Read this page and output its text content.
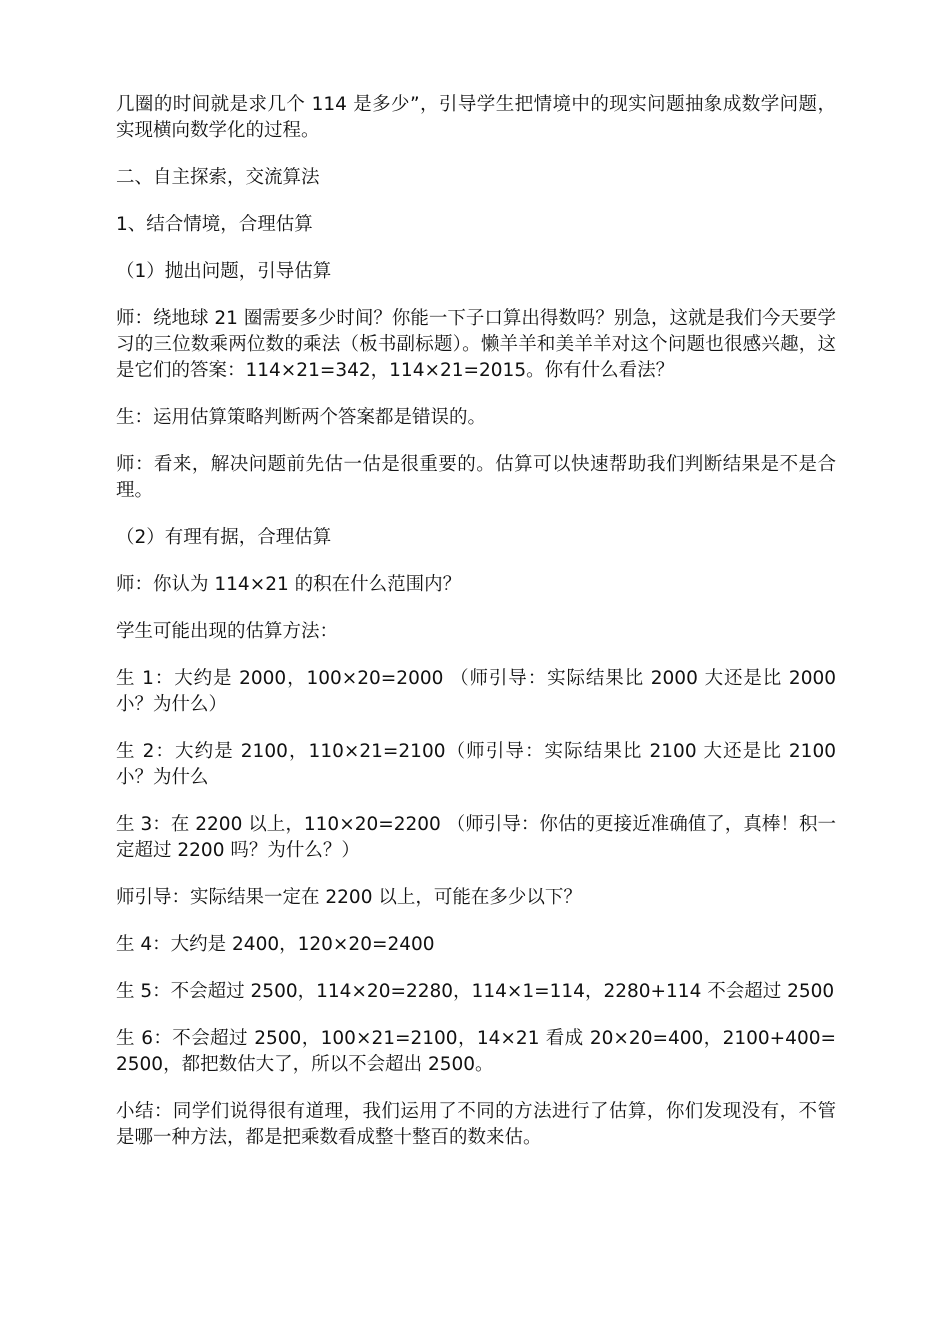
几圈的时间就是求几个 114 是多少”，引导学生把情境中的现实问题抽象成数学问题，实现横向数学化的过程。

二、自主探索，交流算法

1、结合情境，合理估算

（1）抛出问题，引导估算

师：绕地球 21 圈需要多少时间？你能一下子口算出得数吗？别急，这就是我们今天要学习的三位数乘两位数的乘法（板书副标题）。懒羊羊和美羊羊对这个问题也很感兴趣，这是它们的答案：114×21=342，114×21=2015。你有什么看法？

生：运用估算策略判断两个答案都是错误的。

师：看来，解决问题前先估一估是很重要的。估算可以快速帮助我们判断结果是不是合理。

（2）有理有据，合理估算

师：你认为 114×21 的积在什么范围内？

学生可能出现的估算方法：

生 1：大约是 2000，100×20=2000 （师引导：实际结果比 2000 大还是比 2000 小？为什么）

生 2：大约是 2100，110×21=2100（师引导：实际结果比 2100 大还是比 2100 小？为什么

生 3：在 2200 以上，110×20=2200 （师引导：你估的更接近准确值了，真棒！积一定超过 2200 吗？为什么？）

师引导：实际结果一定在 2200 以上，可能在多少以下？

生 4：大约是 2400，120×20=2400

生 5：不会超过 2500，114×20=2280，114×1=114，2280+114 不会超过 2500

生 6：不会超过 2500，100×21=2100，14×21 看成 20×20=400，2100+400=2500，都把数估大了，所以不会超出 2500。

小结：同学们说得很有道理，我们运用了不同的方法进行了估算，你们发现没有，不管是哪一种方法，都是把乘数看成整十整百的数来估。
